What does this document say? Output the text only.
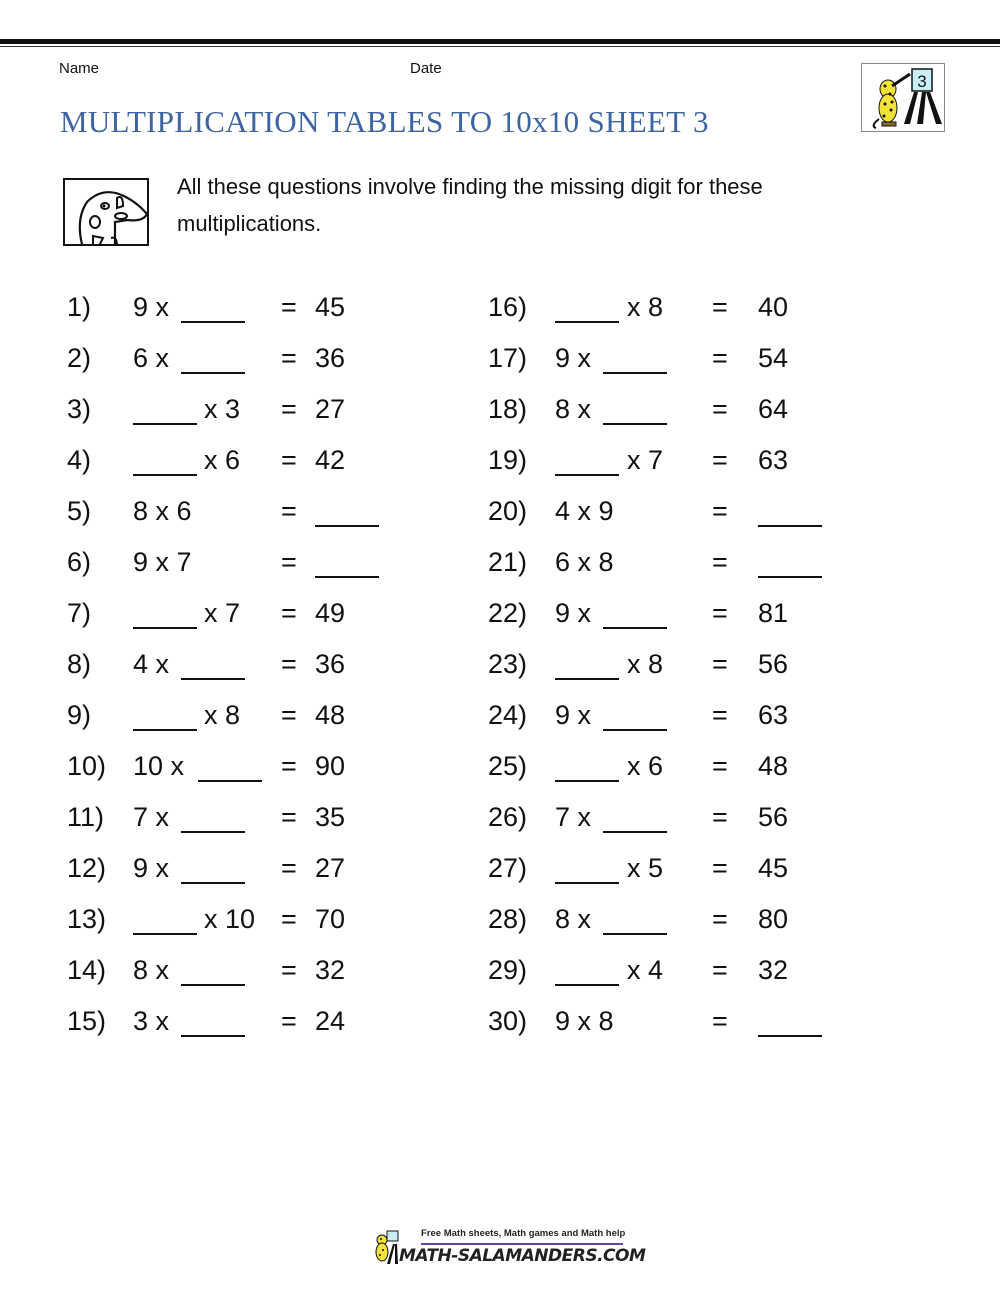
Name	Date
MULTIPLICATION TABLES TO 10x10 SHEET 3
3
All these questions involve finding the missing digit for these
multiplications.
1) 9 x	= 45
2) 6 x	= 36
3)	x 3 = 27
4)	x 6 = 42
5) 8 x 6	=
6) 9 x 7	=
7)	x 7 = 49
8) 4 x	= 36
9)	x 8 = 48
10) 10 x	= 90
11) 7 x	= 35
12) 9 x	= 27
13)	x 10 = 70
14) 8 x	= 32
15) 3 x	= 24
16)	x 8 = 40
17) 9 x	= 54
18) 8 x	= 64
19)	x 7 = 63
20) 4 x 9	=
21) 6 x 8	=
22) 9 x	= 81
23)	x 8 = 56
24) 9 x	= 63
25)	x 6 = 48
26) 7 x	= 56
27)	x 5 = 45
28) 8 x	= 80
29)	x 4 = 32
30) 9 x 8	=
Free Math sheets, Math games and Math help
MATH-SALAMANDERS.COM
